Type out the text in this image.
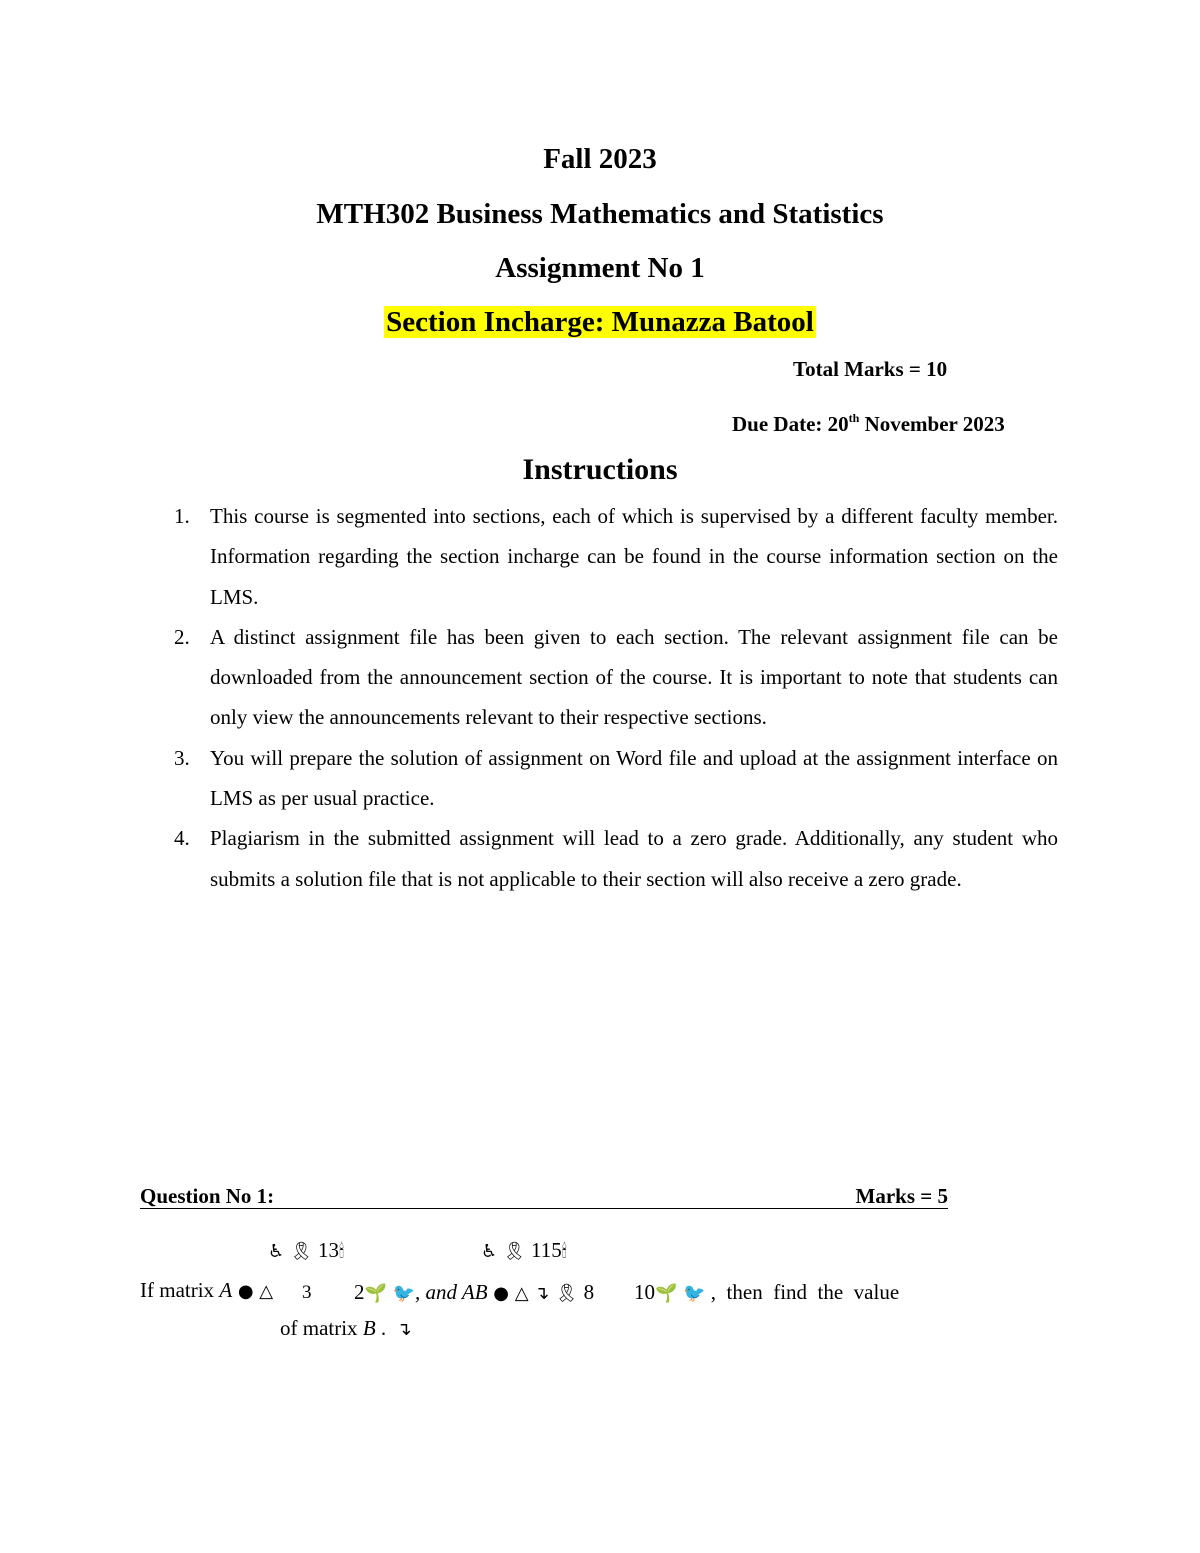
Fall 2023
MTH302 Business Mathematics and Statistics
Assignment No 1
Section Incharge: Munazza Batool
Total Marks = 10
Due Date: 20th November 2023
Instructions
1. This course is segmented into sections, each of which is supervised by a different faculty member. Information regarding the section incharge can be found in the course information section on the LMS.
2. A distinct assignment file has been given to each section. The relevant assignment file can be downloaded from the announcement section of the course. It is important to note that students can only view the announcements relevant to their respective sections.
3. You will prepare the solution of assignment on Word file and upload at the assignment interface on LMS as per usual practice.
4. Plagiarism in the submitted assignment will lead to a zero grade. Additionally, any student who submits a solution file that is not applicable to their section will also receive a zero grade.
Question No 1:	Marks = 5
♿ 🎗 13🕯	♿ 🎗 115🕯
If matrix A ● △ 3 2🌱 🐦, and AB ● △ ↴ 🎗 8 10🌱 🐦 ,  then  find  the  value
of matrix B .  ↴
